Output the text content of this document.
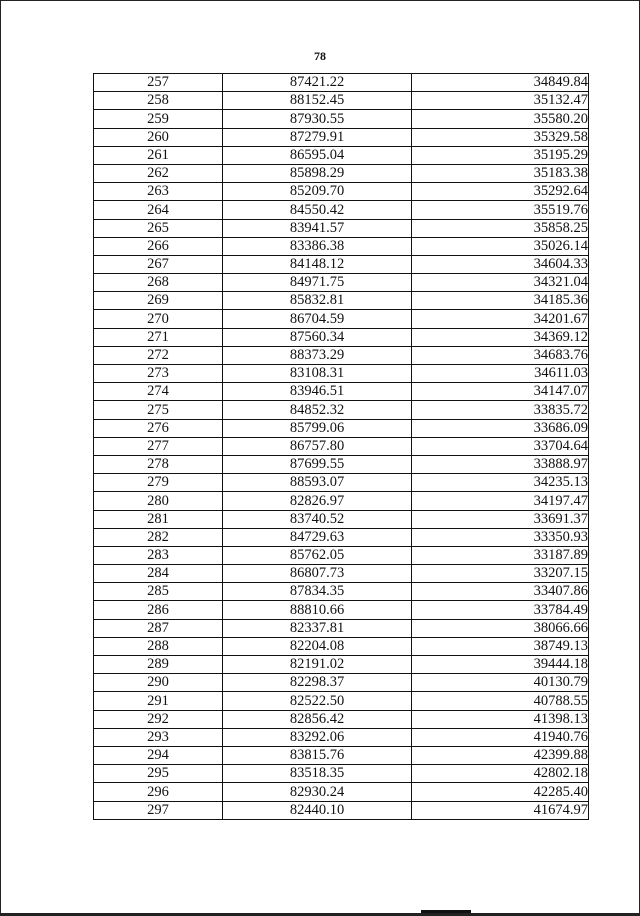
78
257	87421.22	34849.84
258	88152.45	35132.47
259	87930.55	35580.20
260	87279.91	35329.58
261	86595.04	35195.29
262	85898.29	35183.38
263	85209.70	35292.64
264	84550.42	35519.76
265	83941.57	35858.25
266	83386.38	35026.14
267	84148.12	34604.33
268	84971.75	34321.04
269	85832.81	34185.36
270	86704.59	34201.67
271	87560.34	34369.12
272	88373.29	34683.76
273	83108.31	34611.03
274	83946.51	34147.07
275	84852.32	33835.72
276	85799.06	33686.09
277	86757.80	33704.64
278	87699.55	33888.97
279	88593.07	34235.13
280	82826.97	34197.47
281	83740.52	33691.37
282	84729.63	33350.93
283	85762.05	33187.89
284	86807.73	33207.15
285	87834.35	33407.86
286	88810.66	33784.49
287	82337.81	38066.66
288	82204.08	38749.13
289	82191.02	39444.18
290	82298.37	40130.79
291	82522.50	40788.55
292	82856.42	41398.13
293	83292.06	41940.76
294	83815.76	42399.88
295	83518.35	42802.18
296	82930.24	42285.40
297	82440.10	41674.97
